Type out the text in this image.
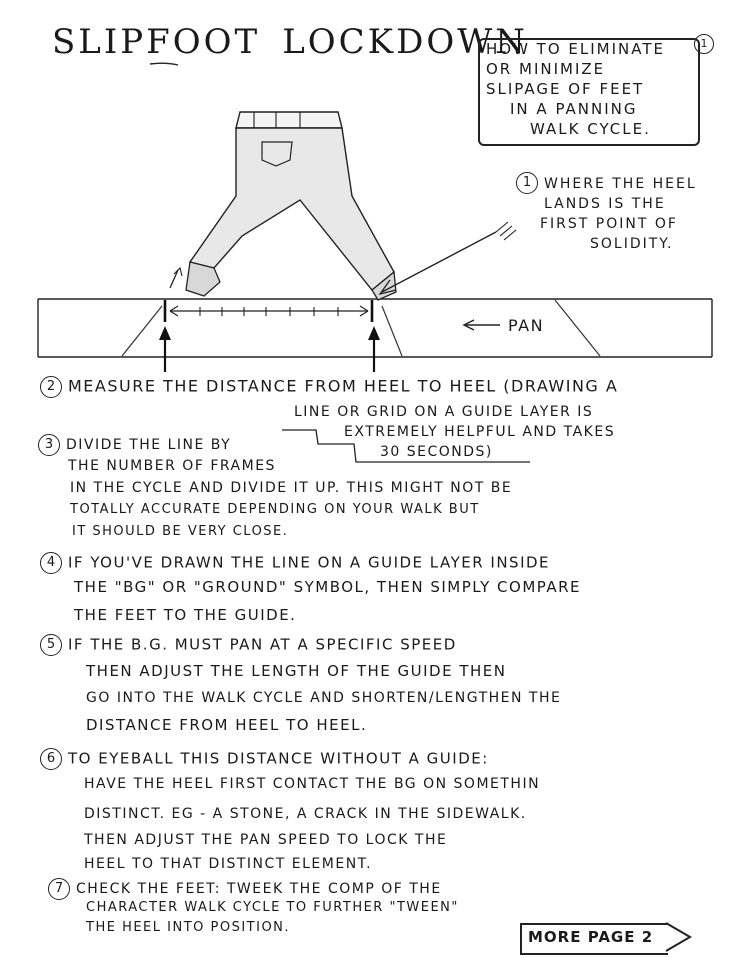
SLIPFOOT LOCKDOWN
HOW TO ELIMINATE
OR MINIMIZE
SLIPAGE OF FEET
IN A PANNING
WALK CYCLE.
1
1 WHERE THE HEEL
LANDS IS THE
FIRST POINT OF
SOLIDITY.
PAN
2 MEASURE THE DISTANCE FROM HEEL TO HEEL (DRAWING A
LINE OR GRID ON A GUIDE LAYER IS
EXTREMELY HELPFUL AND TAKES
30 SECONDS)
3 DIVIDE THE LINE BY
THE NUMBER OF FRAMES
IN THE CYCLE AND DIVIDE IT UP. THIS MIGHT NOT BE
TOTALLY ACCURATE DEPENDING ON YOUR WALK BUT
IT SHOULD BE VERY CLOSE.
4 IF YOU'VE DRAWN THE LINE ON A GUIDE LAYER INSIDE
THE "BG" OR "GROUND" SYMBOL, THEN SIMPLY COMPARE
THE FEET TO THE GUIDE.
5 IF THE B.G. MUST PAN AT A SPECIFIC SPEED
THEN ADJUST THE LENGTH OF THE GUIDE THEN
GO INTO THE WALK CYCLE AND SHORTEN/LENGTHEN THE
DISTANCE FROM HEEL TO HEEL.
6 TO EYEBALL THIS DISTANCE WITHOUT A GUIDE:
HAVE THE HEEL FIRST CONTACT THE BG ON SOMETHIN
DISTINCT. EG - A STONE, A CRACK IN THE SIDEWALK.
THEN ADJUST THE PAN SPEED TO LOCK THE
HEEL TO THAT DISTINCT ELEMENT.
7 CHECK THE FEET: TWEEK THE COMP OF THE
CHARACTER WALK CYCLE TO FURTHER "TWEEN"
THE HEEL INTO POSITION.
MORE PAGE 2
